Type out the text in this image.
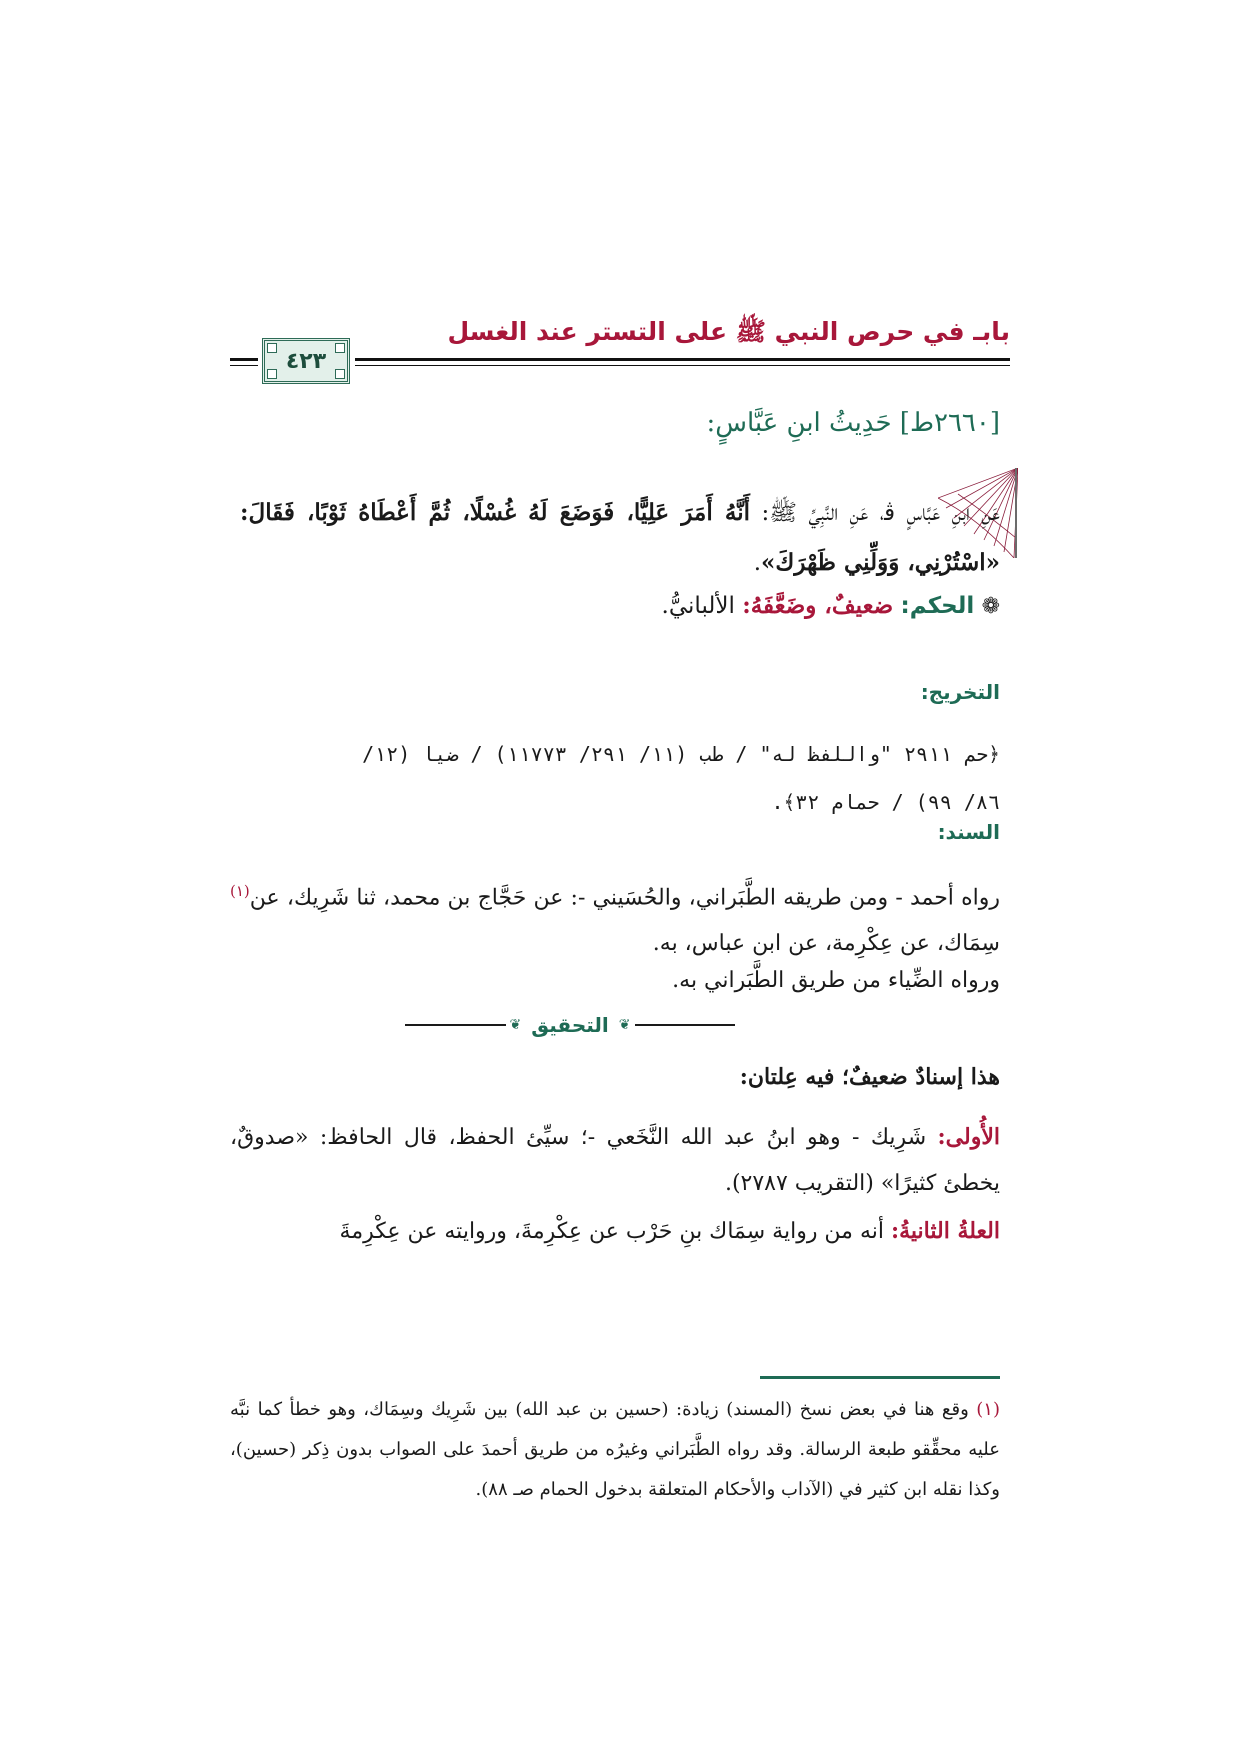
بابـ في حرص النبي ﷺ على التستر عند الغسل
٤٢٣
[٢٦٦٠ط] حَدِيثُ ابنِ عَبَّاسٍ:
عَنِ ابنِ عَبَّاسٍ ﭬ، عَنِ النَّبِيِّ ﷺ: أَنَّهُ أَمَرَ عَلِيًّا، فَوَضَعَ لَهُ غُسْلًا، ثُمَّ أَعْطَاهُ ثَوْبًا، فَقَالَ: «اسْتُرْنِي، وَوَلِّنِي ظَهْرَكَ».
❁ الحكم: ضعيفٌ، وضَعَّفَهُ: الألبانيُّ.
التخريج:
﴿حم ٢٩١١ "واللفظ له" / طب (١١/ ٢٩١/ ١١٧٧٣) / ضيا (١٢/
٨٦/ ٩٩) / حمام ٣٢﴾.
السند:
رواه أحمد - ومن طريقه الطَّبَراني، والحُسَيني -: عن حَجَّاج بن محمد، ثنا شَرِيك، عن$^{(١)}$ سِمَاك، عن عِكْرِمة، عن ابن عباس، به.
ورواه الضِّياء من طريق الطَّبَراني به.
❦
التحقيق
❦
هذا إسنادٌ ضعيفٌ؛ فيه عِلتان:
الأُولى: شَرِيك - وهو ابنُ عبد الله النَّخَعي -؛ سيِّئ الحفظ، قال الحافظ: «صدوقٌ، يخطئ كثيرًا» (التقريب ٢٧٨٧).
العلةُ الثانيةُ: أنه من رواية سِمَاك بنِ حَرْب عن عِكْرِمةَ، وروايته عن عِكْرِمةَ
(١) وقع هنا في بعض نسخ (المسند) زيادة: (حسين بن عبد الله) بين شَرِيك وسِمَاك، وهو خطأ كما نبَّه عليه محقِّقو طبعة الرسالة. وقد رواه الطَّبَراني وغيرُه من طريق أحمدَ على الصواب بدون ذِكر (حسين)، وكذا نقله ابن كثير في (الآداب والأحكام المتعلقة بدخول الحمام صـ ٨٨).
